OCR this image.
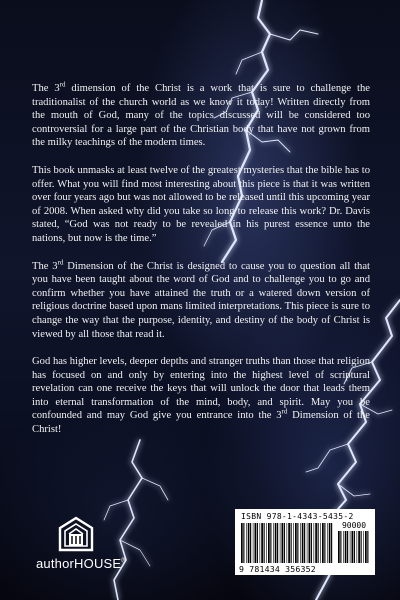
The 3rd dimension of the Christ is a work that is sure to challenge the traditionalist of the church world as we know it today! Written directly from the mouth of God, many of the topics discussed will be considered too controversial for a large part of the Christian body that have not grown from the milky teachings of the modern times.

This book unmasks at least twelve of the greatest mysteries that the bible has to offer. What you will find most interesting about this piece is that it was written over four years ago but was not allowed to be released until this upcoming year of 2008. When asked why did you take so long to release this work? Dr. Davis stated, “God was not ready to be revealed in his purest essence unto the nations, but now is the time.”

The 3rd Dimension of the Christ is designed to cause you to question all that you have been taught about the word of God and to challenge you to go and confirm whether you have attained the truth or a watered down version of religious doctrine based upon mans limited interpretations. This piece is sure to change the way that the purpose, identity, and destiny of the body of Christ is viewed by all those that read it.

God has higher levels, deeper depths and stranger truths than those that religion has focused on and only by entering into the highest level of scriptural revelation can one receive the keys that will unlock the door that leads them into eternal transformation of the mind, body, and spirit. May you be confounded and may God give you entrance into the 3rd Dimension of the Christ!

authorHOUSE®
ISBN 978-1-4343-5435-2
90000
9 781434 356352
